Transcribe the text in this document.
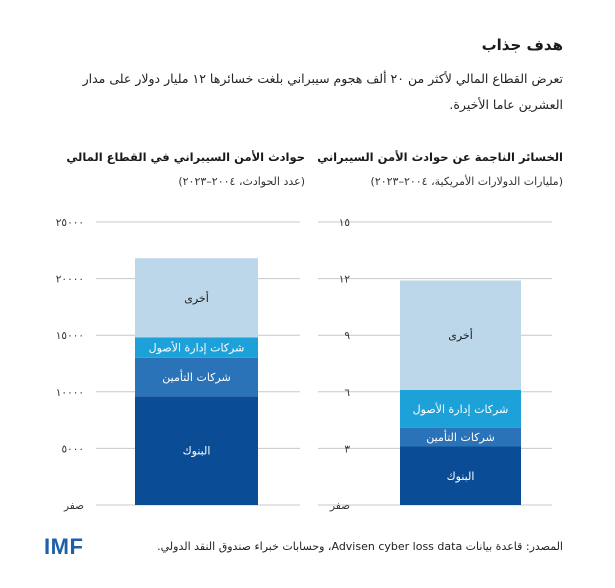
هدف جذاب

تعرض القطاع المالي لأكثر من ٢٠ ألف هجوم سيبراني بلغت خسائرها ١٢ مليار دولار على مدار العشرين عاما الأخيرة.

الخسائر الناجمة عن حوادث الأمن السيبراني
(مليارات الدولارات الأمريكية، ٢٠٠٤–٢٠٢٣)
حوادث الأمن السيبراني في القطاع المالي
(عدد الحوادث، ٢٠٠٤–٢٠٢٣)
صفر
٣
٦
٩
١٢
١٥
البنوك
شركات التأمين
شركات إدارة الأصول
أخرى
صفر
٥٠٠٠
١٠٠٠٠
١٥٠٠٠
٢٠٠٠٠
٢٥٠٠٠
البنوك
شركات التأمين
شركات إدارة الأصول
أخرى
IMF	المصدر: قاعدة بيانات Advisen cyber loss data، وحسابات خبراء صندوق النقد الدولي.
